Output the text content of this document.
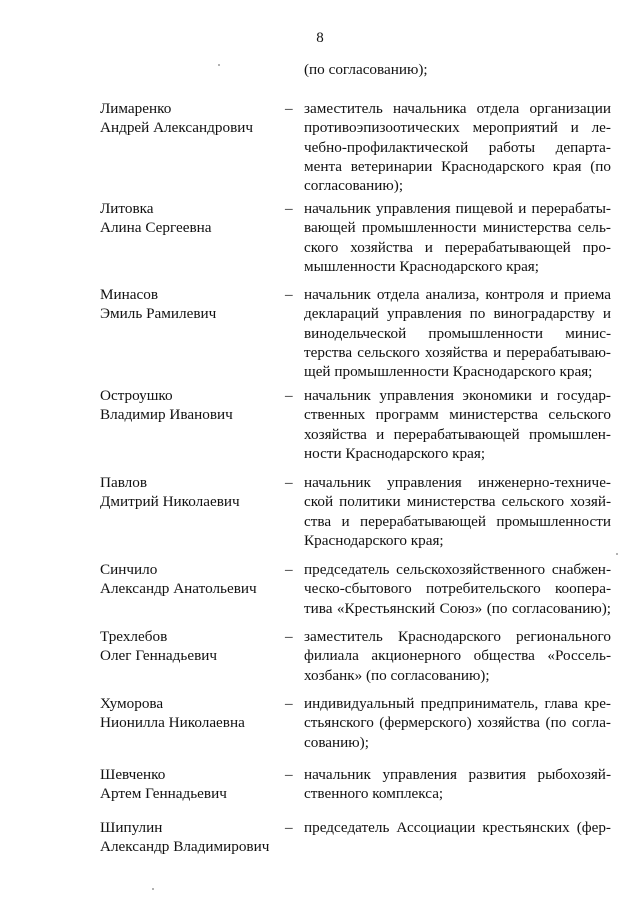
8
(по согласованию);
Лимаренко
Андрей Александрович
– заместитель начальника отдела организации
противоэпизоотических мероприятий и ле-
чебно-профилактической работы департа-
мента ветеринарии Краснодарского края (по
согласованию);
Литовка
Алина Сергеевна
– начальник управления пищевой и перерабаты-
вающей промышленности министерства сель-
ского хозяйства и перерабатывающей про-
мышленности Краснодарского края;
Минасов
Эмиль Рамилевич
– начальник отдела анализа, контроля и приема
деклараций управления по виноградарству и
винодельческой промышленности минис-
терства сельского хозяйства и перерабатываю-
щей промышленности Краснодарского края;
Остроушко
Владимир Иванович
– начальник управления экономики и государ-
ственных программ министерства сельского
хозяйства и перерабатывающей промышлен-
ности Краснодарского края;
Павлов
Дмитрий Николаевич
– начальник управления инженерно-техниче-
ской политики министерства сельского хозяй-
ства и перерабатывающей промышленности
Краснодарского края;
Синчило
Александр Анатольевич
– председатель сельскохозяйственного снабжен-
ческо-сбытового потребительского коопера-
тива «Крестьянский Союз» (по согласованию);
Трехлебов
Олег Геннадьевич
– заместитель Краснодарского регионального
филиала акционерного общества «Россель-
хозбанк» (по согласованию);
Хуморова
Нионилла Николаевна
– индивидуальный предприниматель, глава кре-
стьянского (фермерского) хозяйства (по согла-
сованию);
Шевченко
Артем Геннадьевич
– начальник управления развития рыбохозяй-
ственного комплекса;
Шипулин
Александр Владимирович
– председатель Ассоциации крестьянских (фер-
